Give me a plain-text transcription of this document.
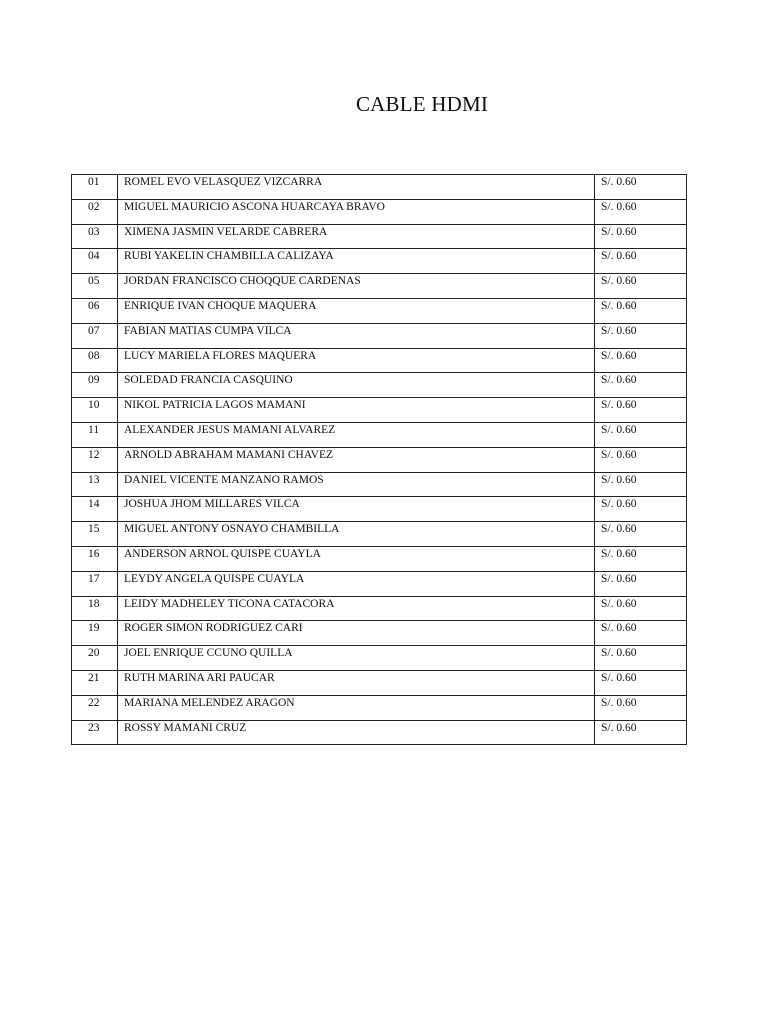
CABLE HDMI
01	ROMEL EVO VELASQUEZ VIZCARRA	S/. 0.60
02	MIGUEL MAURICIO ASCONA HUARCAYA BRAVO	S/. 0.60
03	XIMENA JASMIN VELARDE CABRERA	S/. 0.60
04	RUBI YAKELIN CHAMBILLA CALIZAYA	S/. 0.60
05	JORDAN FRANCISCO CHOQQUE CARDENAS	S/. 0.60
06	ENRIQUE IVAN CHOQUE MAQUERA	S/. 0.60
07	FABIAN MATIAS CUMPA VILCA	S/. 0.60
08	LUCY MARIELA FLORES MAQUERA	S/. 0.60
09	SOLEDAD FRANCIA CASQUINO	S/. 0.60
10	NIKOL PATRICIA LAGOS MAMANI	S/. 0.60
11	ALEXANDER JESUS MAMANI ALVAREZ	S/. 0.60
12	ARNOLD ABRAHAM MAMANI CHAVEZ	S/. 0.60
13	DANIEL VICENTE MANZANO RAMOS	S/. 0.60
14	JOSHUA JHOM MILLARES VILCA	S/. 0.60
15	MIGUEL ANTONY OSNAYO CHAMBILLA	S/. 0.60
16	ANDERSON ARNOL QUISPE CUAYLA	S/. 0.60
17	LEYDY ANGELA QUISPE CUAYLA	S/. 0.60
18	LEIDY MADHELEY TICONA CATACORA	S/. 0.60
19	ROGER SIMON RODRIGUEZ CARI	S/. 0.60
20	JOEL ENRIQUE CCUNO QUILLA	S/. 0.60
21	RUTH MARINA ARI PAUCAR	S/. 0.60
22	MARIANA MELENDEZ ARAGON	S/. 0.60
23	ROSSY MAMANI CRUZ	S/. 0.60
